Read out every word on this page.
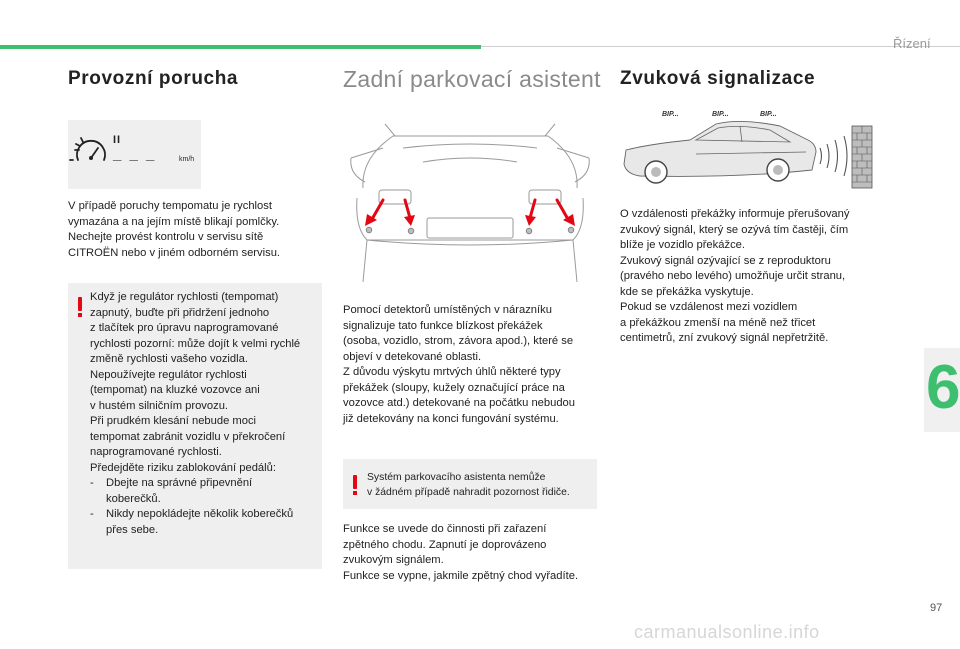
Řízení
6
97
Provozní porucha
II
_ _ _	km/h
V případě poruchy tempomatu je rychlost
vymazána a na jejím místě blikají pomlčky.
Nechejte provést kontrolu v servisu sítě
CITROËN nebo v jiném odborném servisu.
Když je regulátor rychlosti (tempomat)
zapnutý, buďte při přidržení jednoho
z tlačítek pro úpravu naprogramované
rychlosti pozorní: může dojít k velmi rychlé
změně rychlosti vašeho vozidla.
Nepoužívejte regulátor rychlosti
(tempomat) na kluzké vozovce ani
v hustém silničním provozu.
Při prudkém klesání nebude moci
tempomat zabránit vozidlu v překročení
naprogramované rychlosti.
Předejděte riziku zablokování pedálů:
-	Dbejte na správné připevnění
koberečků.
-	Nikdy nepokládejte několik koberečků
přes sebe.
Zadní parkovací asistent
Pomocí detektorů umístěných v nárazníku
signalizuje tato funkce blízkost překážek
(osoba, vozidlo, strom, závora apod.), které se
objeví v detekované oblasti.
Z důvodu výskytu mrtvých úhlů některé typy
překážek (sloupy, kužely označující práce na
vozovce atd.) detekované na počátku nebudou
již detekovány na konci fungování systému.
Systém parkovacího asistenta nemůže
v žádném případě nahradit pozornost řidiče.
Funkce se uvede do činnosti při zařazení
zpětného chodu. Zapnutí je doprovázeno
zvukovým signálem.
Funkce se vypne, jakmile zpětný chod vyřadíte.
Zvuková signalizace
BIP...	BIP...	BIP...
O vzdálenosti překážky informuje přerušovaný
zvukový signál, který se ozývá tím častěji, čím
blíže je vozidlo překážce.
Zvukový signál ozývající se z reproduktoru
(pravého nebo levého) umožňuje určit stranu,
kde se překážka vyskytuje.
Pokud se vzdálenost mezi vozidlem
a překážkou zmenší na méně než třicet
centimetrů, zní zvukový signál nepřetržitě.
carmanualsonline.info
